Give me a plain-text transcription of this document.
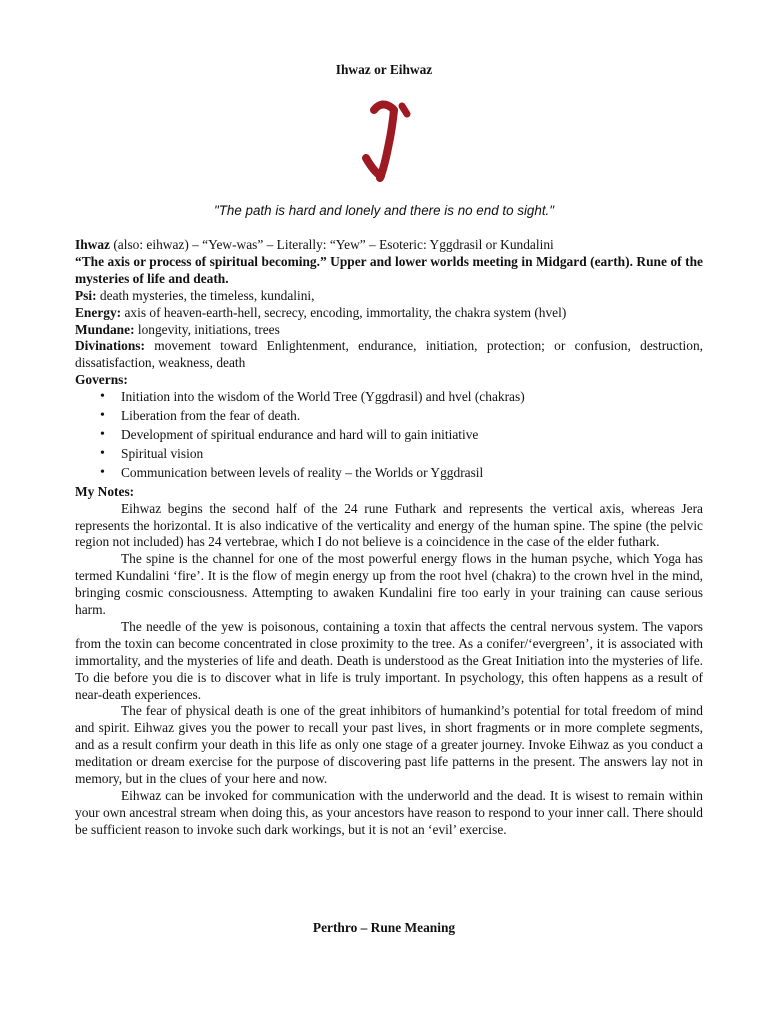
Ihwaz or Eihwaz
"The path is hard and lonely and there is no end to sight."

Ihwaz (also: eihwaz) – “Yew-was” – Literally: “Yew” – Esoteric: Yggdrasil or Kundalini

“The axis or process of spiritual becoming.” Upper and lower worlds meeting in Midgard (earth). Rune of the mysteries of life and death.

Psi: death mysteries, the timeless, kundalini,

Energy: axis of heaven-earth-hell, secrecy, encoding, immortality, the chakra system (hvel)

Mundane: longevity, initiations, trees

Divinations: movement toward Enlightenment, endurance, initiation, protection; or confusion, destruction, dissatisfaction, weakness, death

Governs:

• Initiation into the wisdom of the World Tree (Yggdrasil) and hvel (chakras)
• Liberation from the fear of death.
• Development of spiritual endurance and hard will to gain initiative
• Spiritual vision
• Communication between levels of reality – the Worlds or Yggdrasil

My Notes:

Eihwaz begins the second half of the 24 rune Futhark and represents the vertical axis, whereas Jera represents the horizontal. It is also indicative of the verticality and energy of the human spine. The spine (the pelvic region not included) has 24 vertebrae, which I do not believe is a coincidence in the case of the elder futhark.

The spine is the channel for one of the most powerful energy flows in the human psyche, which Yoga has termed Kundalini ‘fire’. It is the flow of megin energy up from the root hvel (chakra) to the crown hvel in the mind, bringing cosmic consciousness. Attempting to awaken Kundalini fire too early in your training can cause serious harm.

The needle of the yew is poisonous, containing a toxin that affects the central nervous system. The vapors from the toxin can become concentrated in close proximity to the tree. As a conifer/‘evergreen’, it is associated with immortality, and the mysteries of life and death. Death is understood as the Great Initiation into the mysteries of life. To die before you die is to discover what in life is truly important. In psychology, this often happens as a result of near-death experiences.

The fear of physical death is one of the great inhibitors of humankind’s potential for total freedom of mind and spirit. Eihwaz gives you the power to recall your past lives, in short fragments or in more complete segments, and as a result confirm your death in this life as only one stage of a greater journey. Invoke Eihwaz as you conduct a meditation or dream exercise for the purpose of discovering past life patterns in the present. The answers lay not in memory, but in the clues of your here and now.

Eihwaz can be invoked for communication with the underworld and the dead. It is wisest to remain within your own ancestral stream when doing this, as your ancestors have reason to respond to your inner call. There should be sufficient reason to invoke such dark workings, but it is not an ‘evil’ exercise.

Perthro – Rune Meaning
